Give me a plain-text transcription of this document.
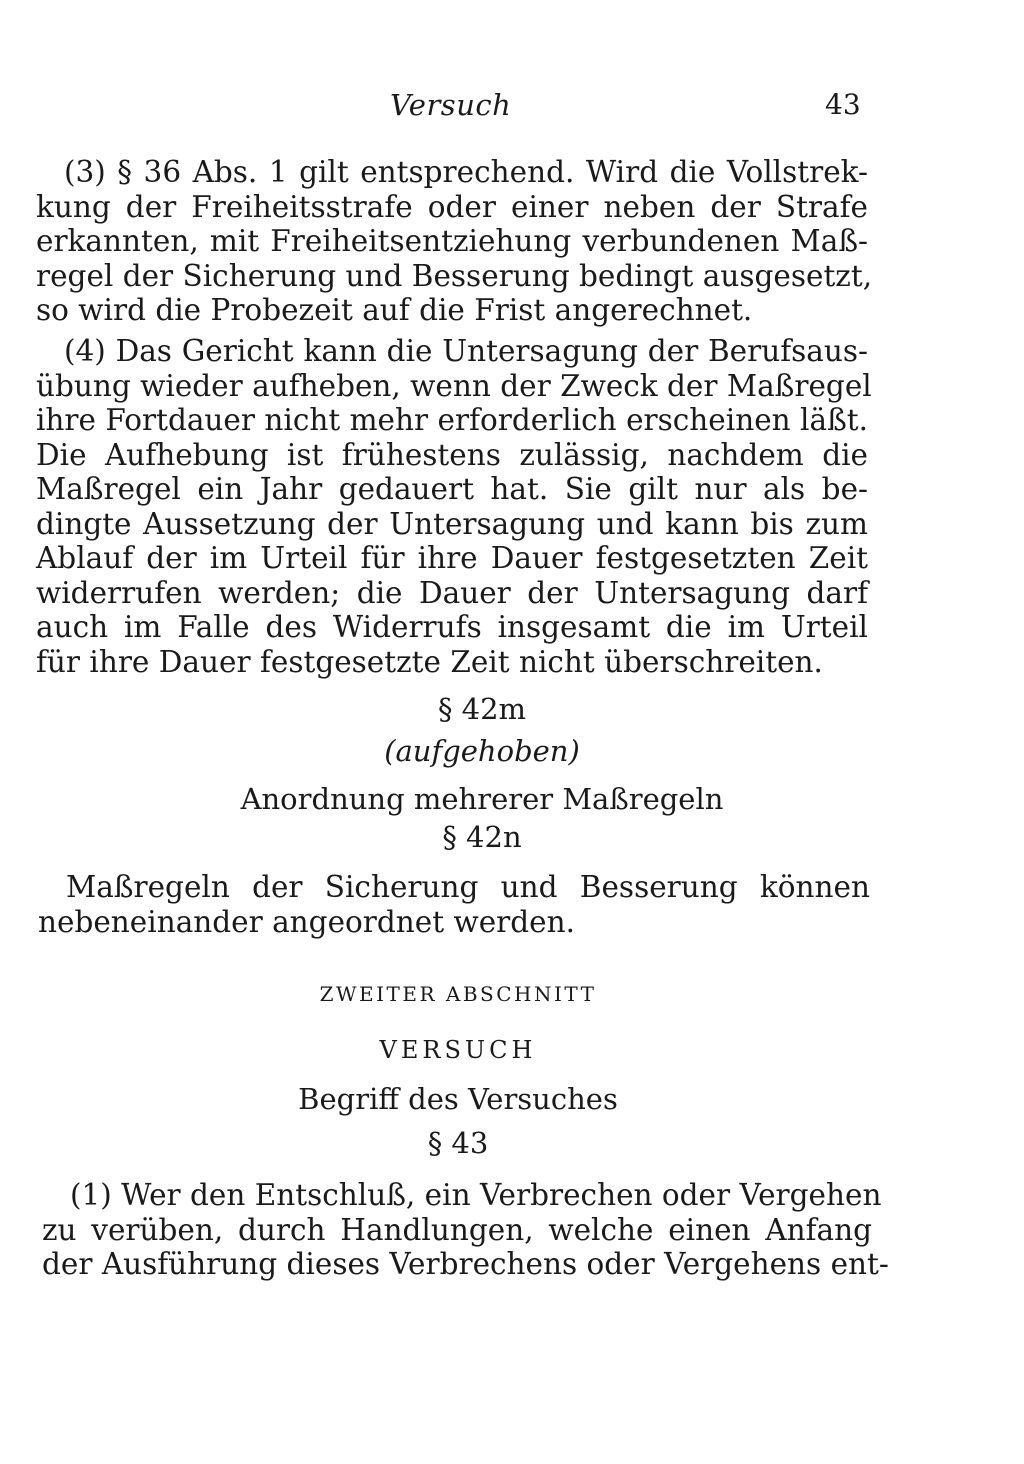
Versuch	43
(3) § 36 Abs. 1 gilt entsprechend. Wird die Vollstrek-
kung der Freiheitsstrafe oder einer neben der Strafe
erkannten, mit Freiheitsentziehung verbundenen Maß-
regel der Sicherung und Besserung bedingt ausgesetzt,
so wird die Probezeit auf die Frist angerechnet.
(4) Das Gericht kann die Untersagung der Berufsaus-
übung wieder aufheben, wenn der Zweck der Maßregel
ihre Fortdauer nicht mehr erforderlich erscheinen läßt.
Die Aufhebung ist frühestens zulässig, nachdem die
Maßregel ein Jahr gedauert hat. Sie gilt nur als be-
dingte Aussetzung der Untersagung und kann bis zum
Ablauf der im Urteil für ihre Dauer festgesetzten Zeit
widerrufen werden; die Dauer der Untersagung darf
auch im Falle des Widerrufs insgesamt die im Urteil
für ihre Dauer festgesetzte Zeit nicht überschreiten.
§ 42m
(aufgehoben)
Anordnung mehrerer Maßregeln
§ 42n
Maßregeln der Sicherung und Besserung können
nebeneinander angeordnet werden.
ZWEITER ABSCHNITT
VERSUCH
Begriff des Versuches
§ 43
(1) Wer den Entschluß, ein Verbrechen oder Vergehen
zu verüben, durch Handlungen, welche einen Anfang
der Ausführung dieses Verbrechens oder Vergehens ent-
